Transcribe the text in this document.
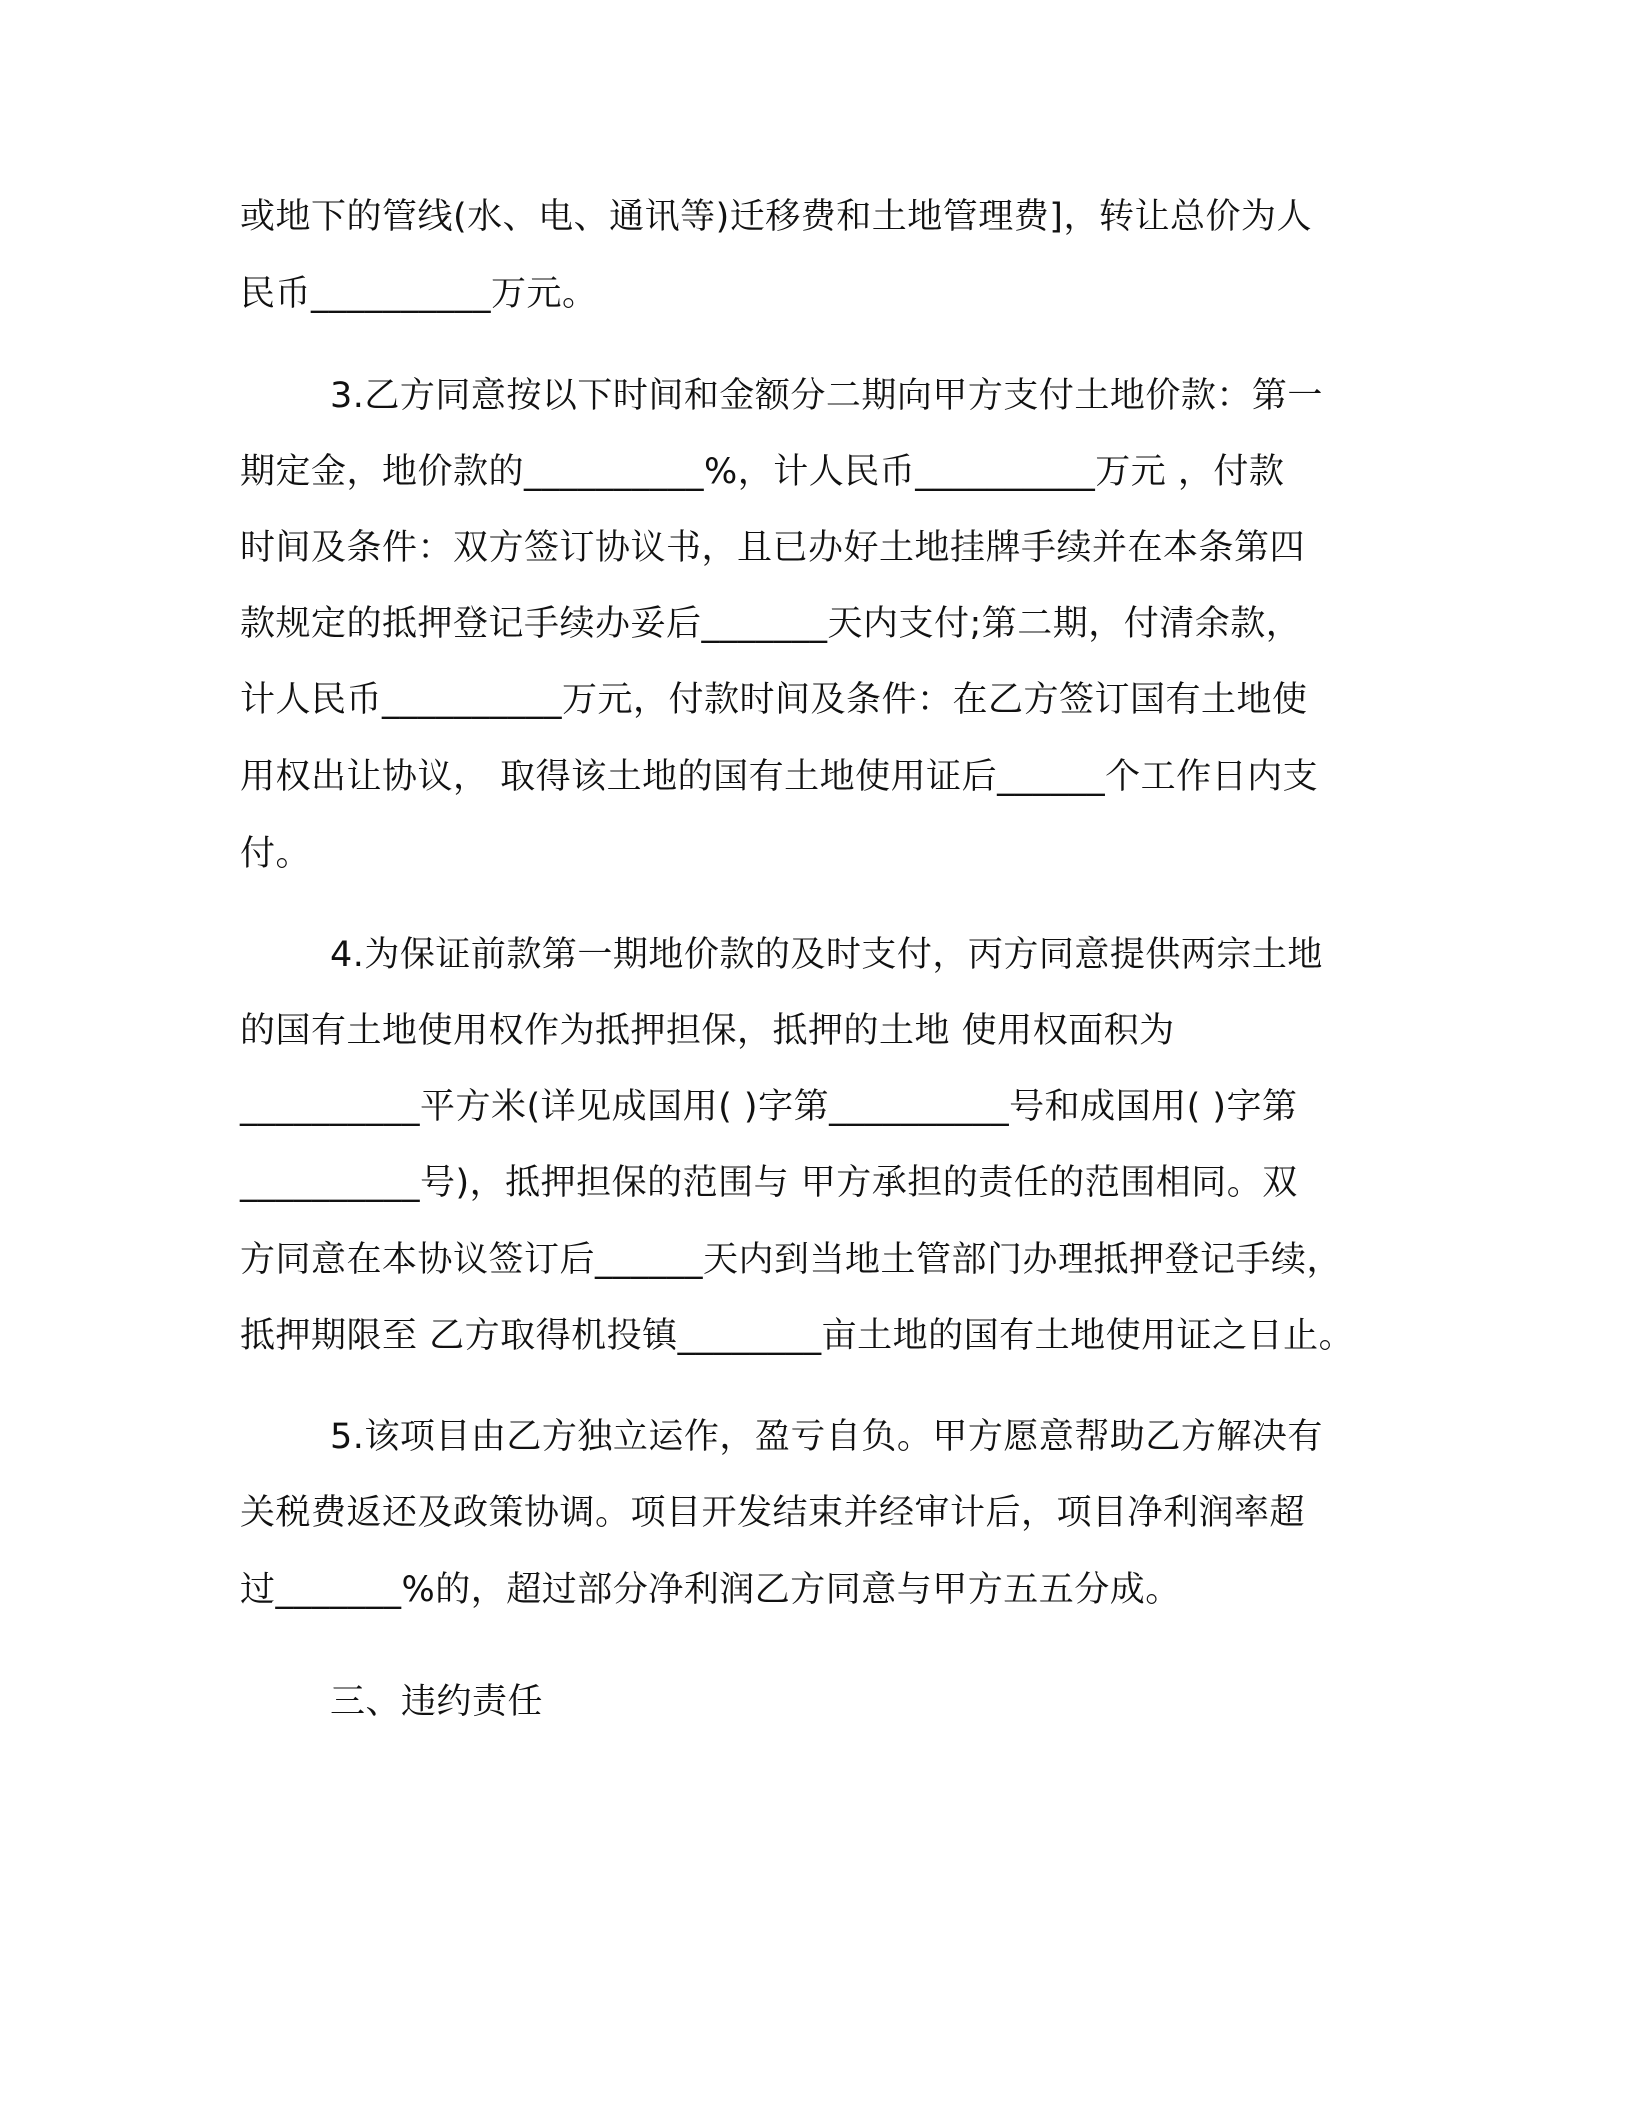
或地下的管线(水、电、通讯等)迁移费和土地管理费]，转让总价为人
民币__________万元。
3.乙方同意按以下时间和金额分二期向甲方支付土地价款：第一
期定金，地价款的__________%，计人民币__________万元 ，付款
时间及条件：双方签订协议书，且已办好土地挂牌手续并在本条第四
款规定的抵押登记手续办妥后_______天内支付;第二期，付清余款，
计人民币__________万元，付款时间及条件：在乙方签订国有土地使
用权出让协议， 取得该土地的国有土地使用证后______个工作日内支
付。
4.为保证前款第一期地价款的及时支付，丙方同意提供两宗土地
的国有土地使用权作为抵押担保，抵押的土地 使用权面积为
__________平方米(详见成国用( )字第__________号和成国用( )字第
__________号)，抵押担保的范围与 甲方承担的责任的范围相同。双
方同意在本协议签订后______天内到当地土管部门办理抵押登记手续，
抵押期限至 乙方取得机投镇________亩土地的国有土地使用证之日止。
5.该项目由乙方独立运作，盈亏自负。甲方愿意帮助乙方解决有
关税费返还及政策协调。项目开发结束并经审计后，项目净利润率超
过_______%的，超过部分净利润乙方同意与甲方五五分成。
三、违约责任
